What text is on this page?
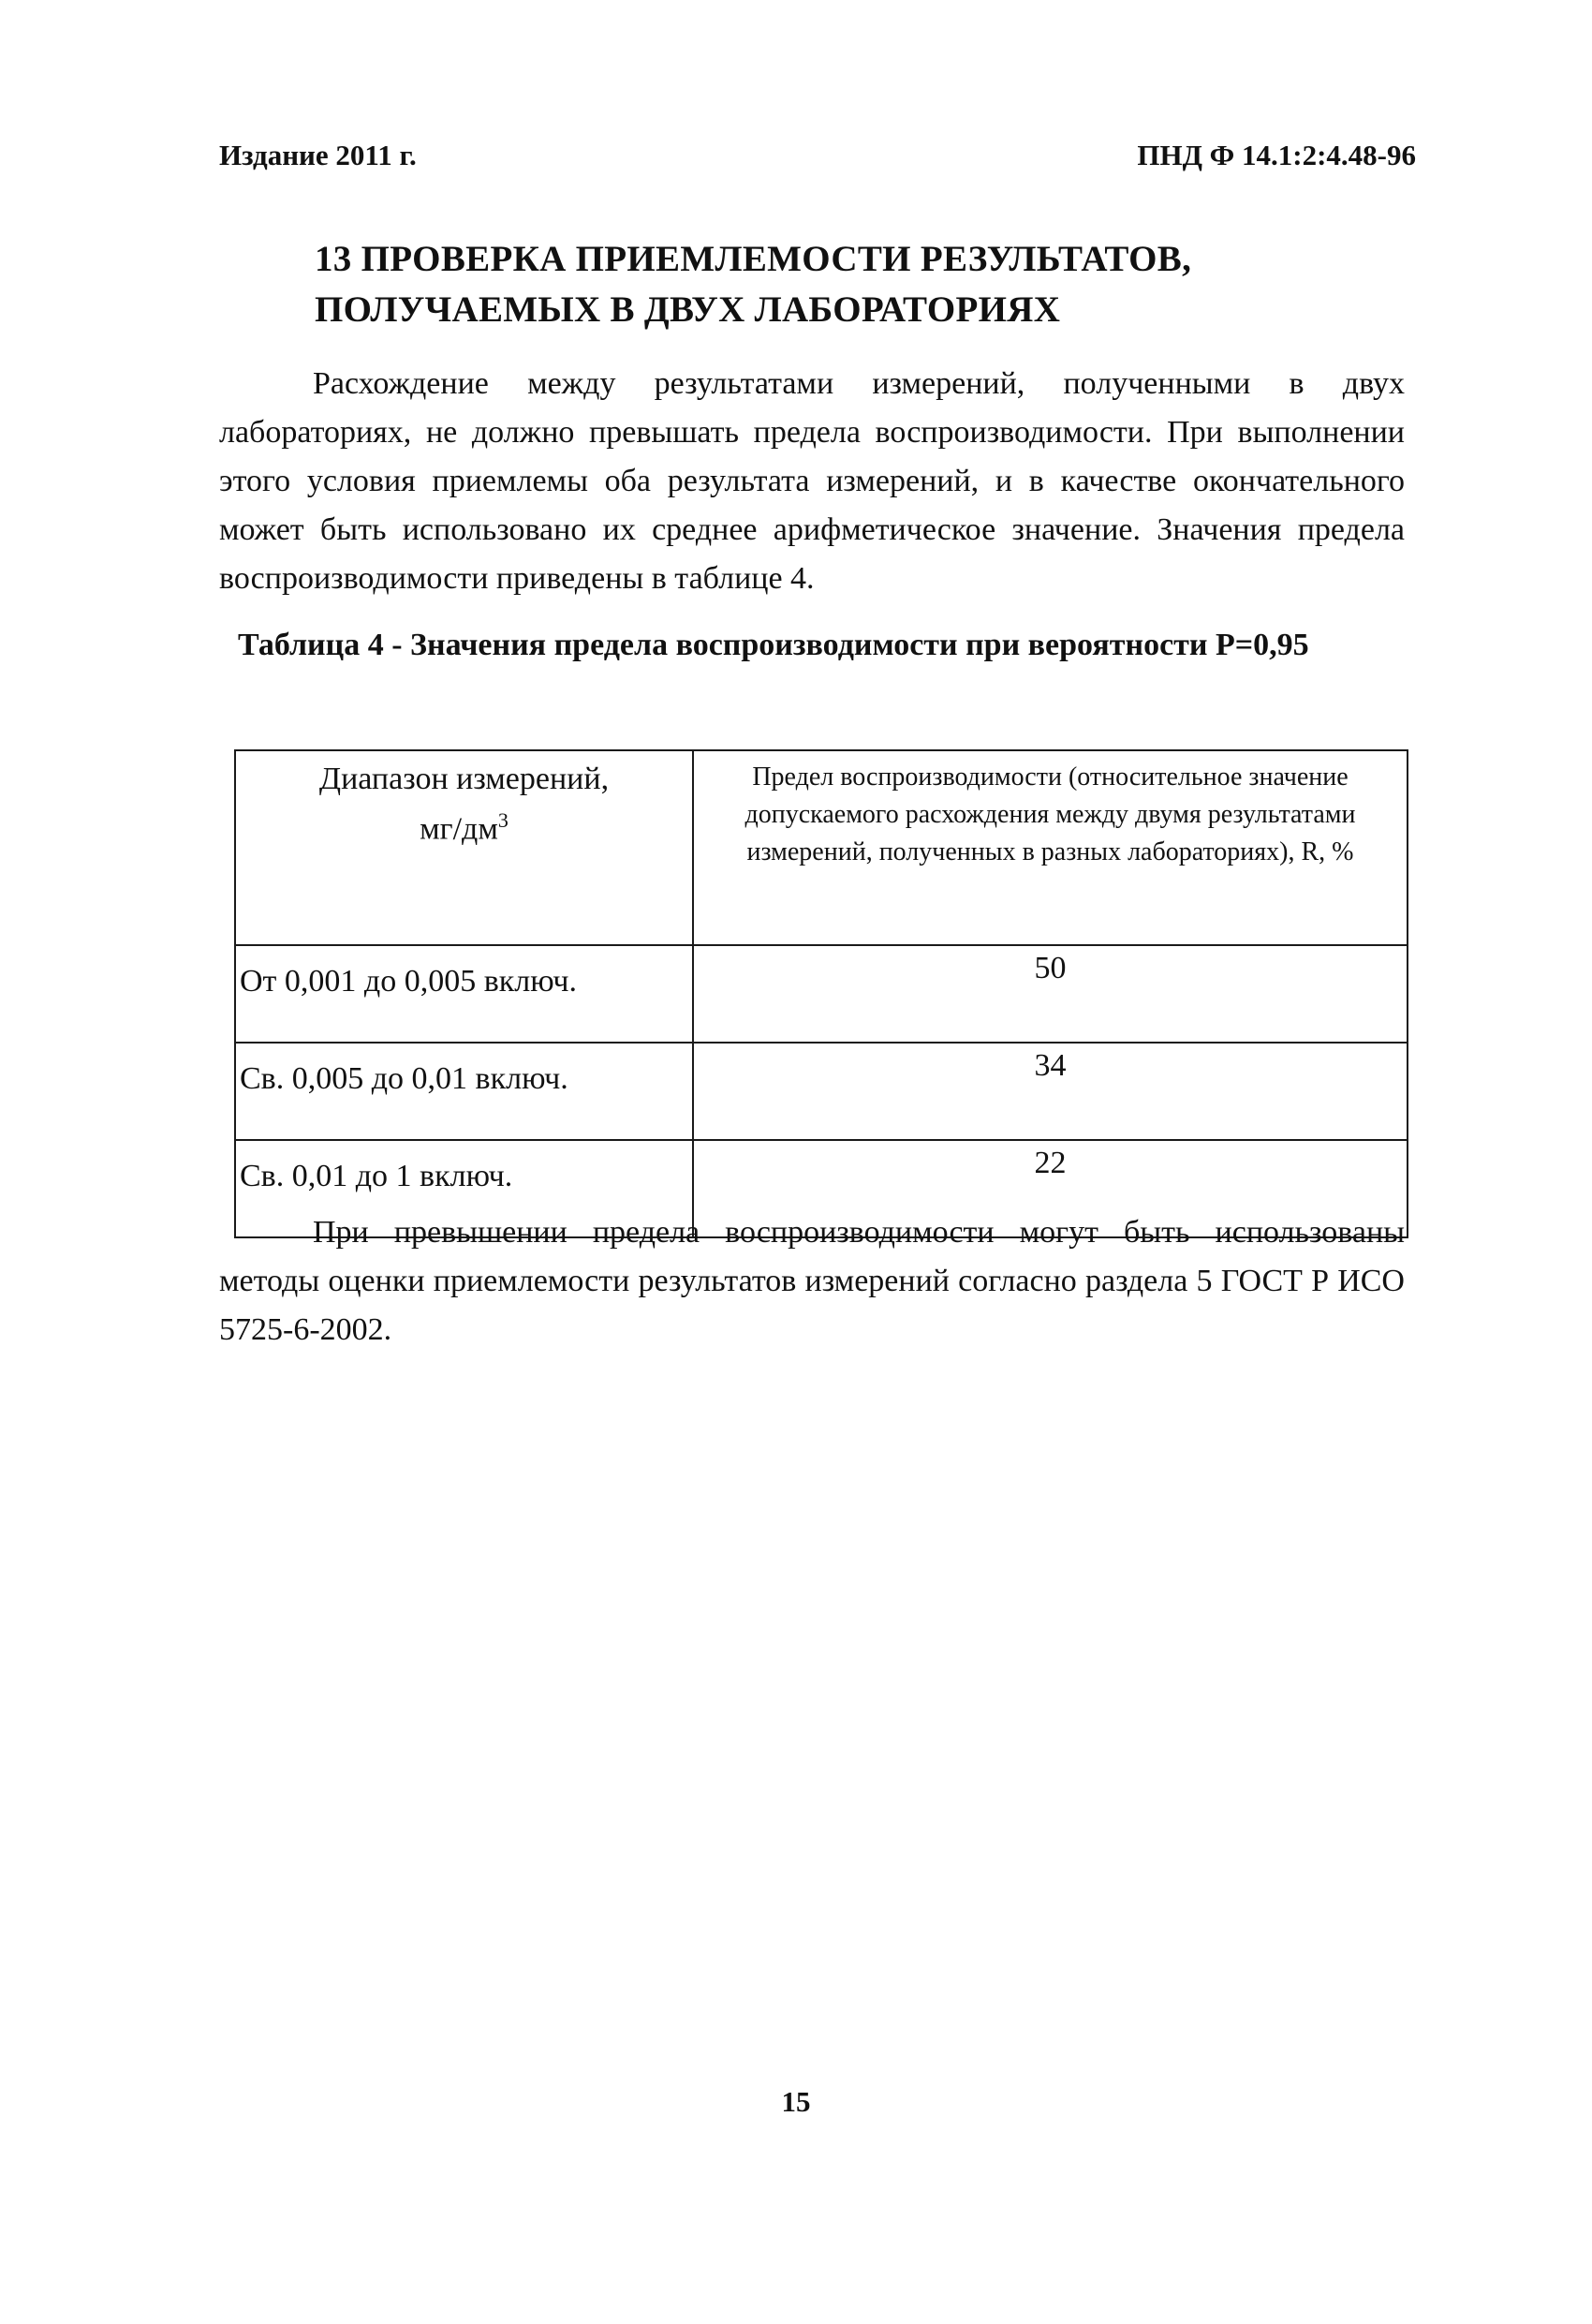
Издание 2011 г.	ПНД Ф 14.1:2:4.48-96
13 ПРОВЕРКА ПРИЕМЛЕМОСТИ РЕЗУЛЬТАТОВ,
ПОЛУЧАЕМЫХ В ДВУХ ЛАБОРАТОРИЯХ
Расхождение между результатами измерений, полученными в двух лабораториях, не должно превышать предела воспроизводимости. При выполнении этого условия приемлемы оба результата измерений, и в качестве окончательного может быть использовано их среднее арифметическое значение. Значения предела воспроизводимости приведены в таблице 4.
Таблица 4 - Значения предела воспроизводимости при вероятности Р=0,95
Диапазон измерений,
$мг/дм^3$	Предел воспроизводимости (относительное значение допускаемого расхождения между двумя результатами измерений, полученных в разных лабораториях), R, %
От 0,001 до 0,005 включ.	50
Св. 0,005 до 0,01 включ.	34
Св. 0,01 до 1 включ.	22
При превышении предела воспроизводимости могут быть использованы методы оценки приемлемости результатов измерений согласно раздела 5 ГОСТ Р ИСО 5725-6-2002.
15
